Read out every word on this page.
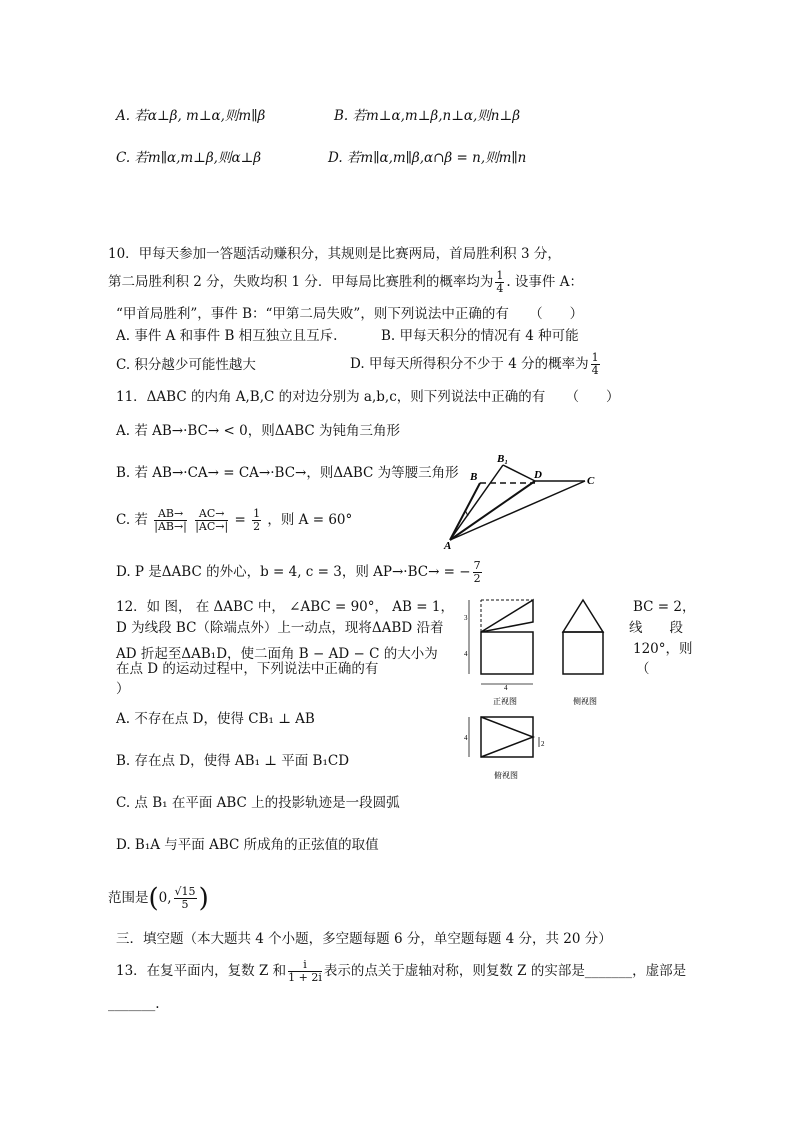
A. 若α⊥β, m⊥α,则m∥β	B. 若m⊥α,m⊥β,n⊥α,则n⊥β
C. 若m∥α,m⊥β,则α⊥β	D. 若m∥α,m∥β,α∩β = n,则m∥n
10．甲每天参加一答题活动赚积分，其规则是比赛两局，首局胜利积 3 分，
第二局胜利积 2 分，失败均积 1 分．甲每局比赛胜利的概率均为 $\frac{1}{4}$ . 设事件 A：
“甲首局胜利”，事件 B：“甲第二局失败”，则下列说法中正确的有　　（　　）
A. 事件 A 和事件 B 相互独立且互斥.	B. 甲每天积分的情况有 4 种可能
C. 积分越少可能性越大	D. 甲每天所得积分不少于 4 分的概率为 $\frac{1}{4}$
11．ΔABC 的内角 A,B,C 的对边分别为 a,b,c，则下列说法中正确的有　　（　　）
A. 若 AB→·BC→ < 0，则ΔABC 为钝角三角形
B. 若 AB→·CA→ = CA→·BC→，则ΔABC 为等腰三角形
C. 若 $\frac{AB\to}{|AB\to|}$
$\frac{AC\to}{|AC\to|} = \frac{1}{2}$ ，则 A = 60°
D. P 是ΔABC 的外心，b = 4, c = 3，则 AP→·BC→ = − $\frac{7}{2}$
B₁
B	D	C
A
12．如 图， 在 ΔABC 中， ∠ABC = 90°， AB = 1，	BC = 2，
D 为线段 BC（除端点外）上一动点，现将ΔABD 沿着	线　　段
AD 折起至ΔAB₁D，使二面角 B − AD − C 的大小为	120°，则
在点 D 的运动过程中，下列说法中正确的有	（
）
3
4
4
正视图	侧视图
4
2
俯视图
A. 不存在点 D，使得 CB₁ ⊥ AB
B. 存在点 D，使得 AB₁ ⊥ 平面 B₁CD
C. 点 B₁ 在平面 ABC 上的投影轨迹是一段圆弧
D. B₁A 与平面 ABC 所成角的正弦值的取值
范围是(0, $\frac{√15}{5}$ )
三．填空题（本大题共 4 个小题，多空题每题 6 分，单空题每题 4 分，共 20 分）
13．在复平面内，复数 Z 和 $\frac{i}{1 + 2i}$ 表示的点关于虚轴对称，则复数 Z 的实部是_______，虚部是
_______.
